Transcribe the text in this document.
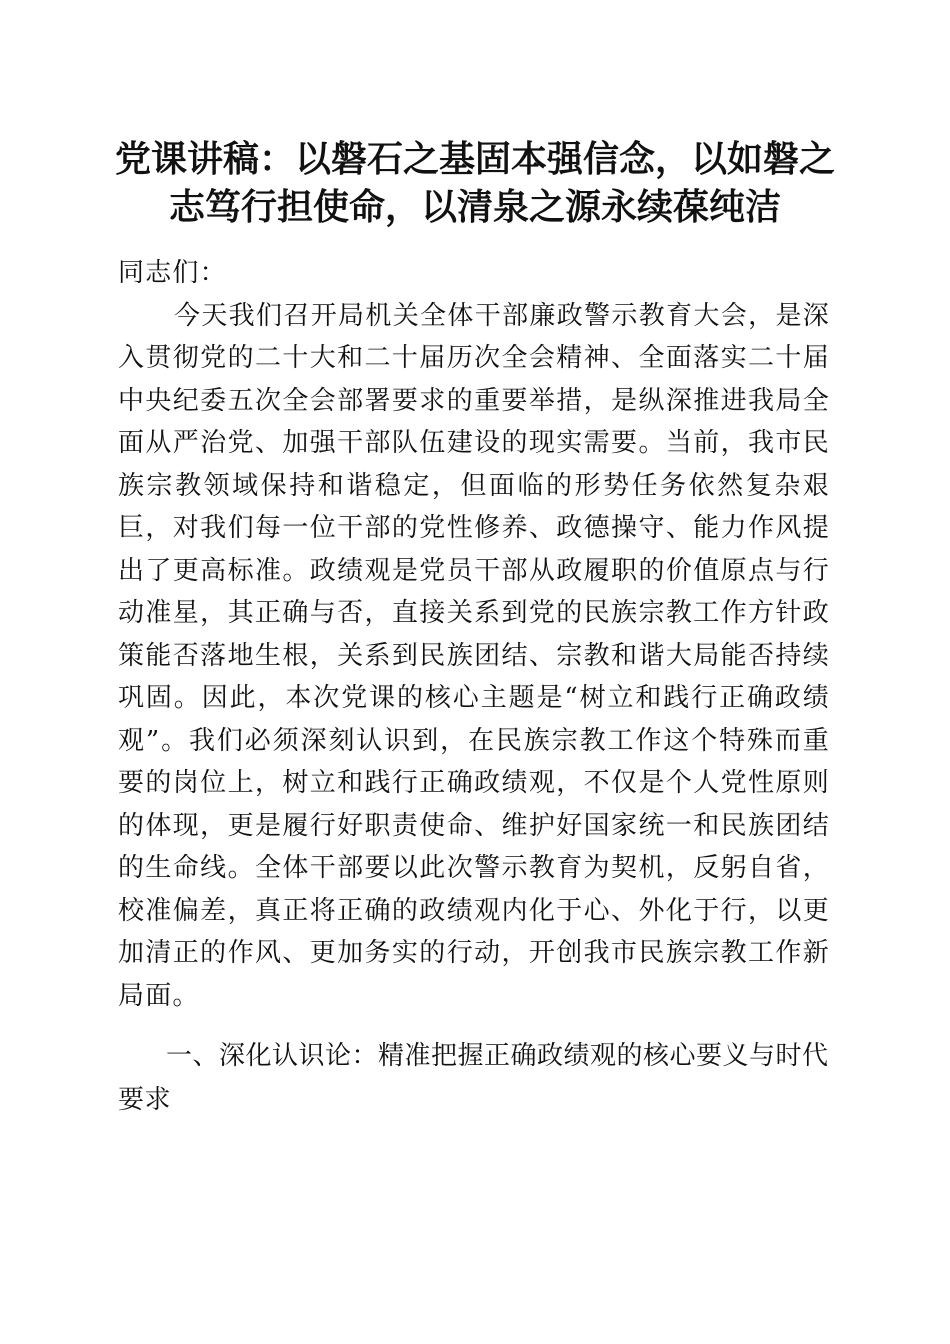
党课讲稿：以磐石之基固本强信念，以如磐之
志笃行担使命，以清泉之源永续葆纯洁

同志们：

今天我们召开局机关全体干部廉政警示教育大会，是深入贯彻党的二十大和二十届历次全会精神、全面落实二十届中央纪委五次全会部署要求的重要举措，是纵深推进我局全面从严治党、加强干部队伍建设的现实需要。当前，我市民族宗教领域保持和谐稳定，但面临的形势任务依然复杂艰巨，对我们每一位干部的党性修养、政德操守、能力作风提出了更高标准。政绩观是党员干部从政履职的价值原点与行动准星，其正确与否，直接关系到党的民族宗教工作方针政策能否落地生根，关系到民族团结、宗教和谐大局能否持续巩固。因此，本次党课的核心主题是“树立和践行正确政绩观”。我们必须深刻认识到，在民族宗教工作这个特殊而重要的岗位上，树立和践行正确政绩观，不仅是个人党性原则的体现，更是履行好职责使命、维护好国家统一和民族团结的生命线。全体干部要以此次警示教育为契机，反躬自省，校准偏差，真正将正确的政绩观内化于心、外化于行，以更加清正的作风、更加务实的行动，开创我市民族宗教工作新局面。

一、深化认识论：精准把握正确政绩观的核心要义与时代要求
